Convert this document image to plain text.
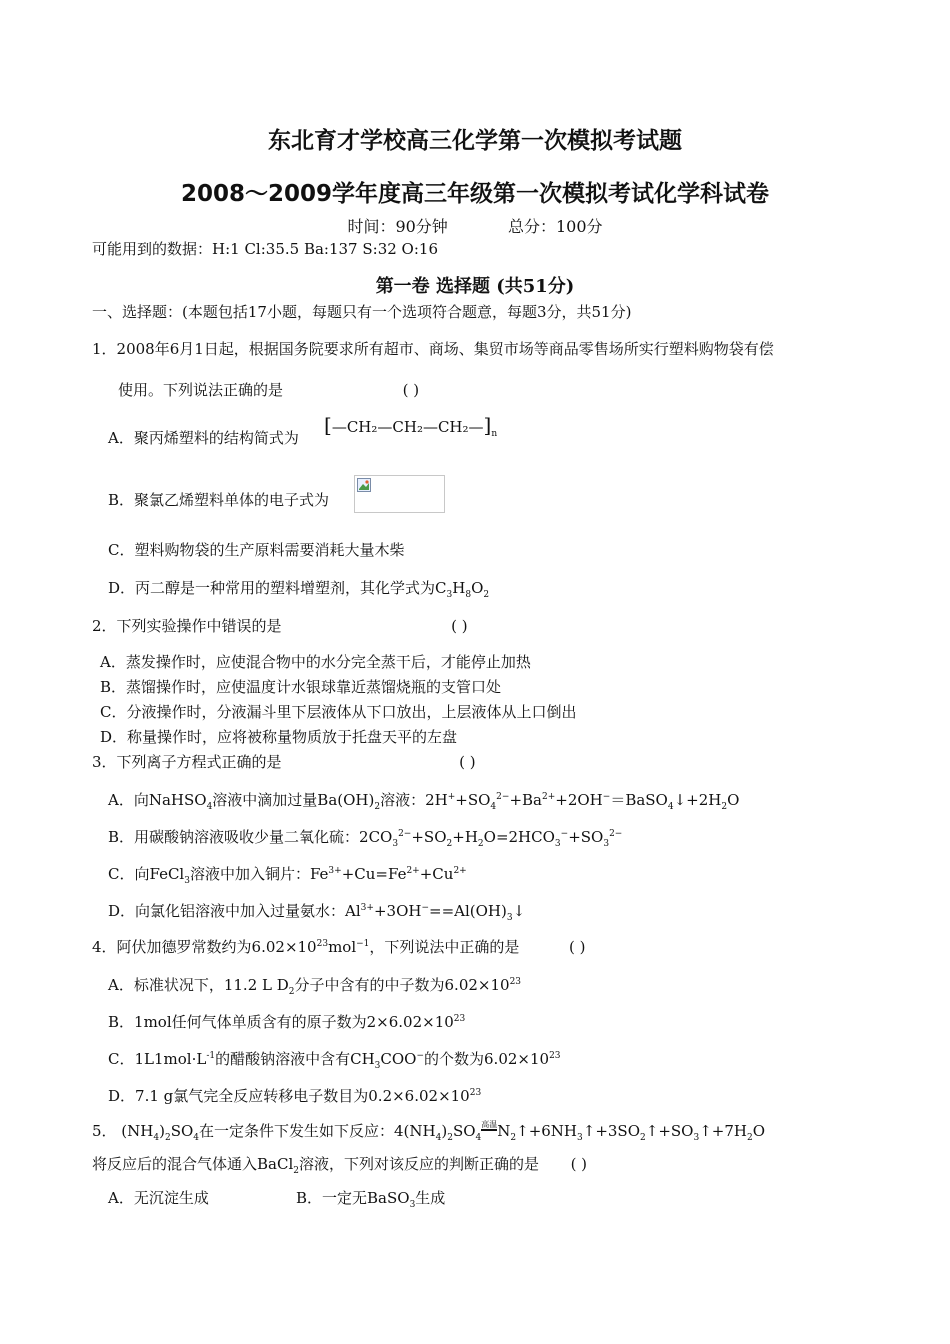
东北育才学校高三化学第一次模拟考试题
2008～2009学年度高三年级第一次模拟考试化学科试卷
时间：90分钟	总分：100分
可能用到的数据：H:1 Cl:35.5 Ba:137 S:32 O:16
第一卷 选择题 (共51分)
一、选择题：(本题包括17小题，每题只有一个选项符合题意，每题3分，共51分)
1．2008年6月1日起，根据国务院要求所有超市、商场、集贸市场等商品零售场所实行塑料购物袋有偿
使用。下列说法正确的是	( )
A．聚丙烯塑料的结构简式为
$[—CH_2—CH_2—CH_2—]_n$
B．聚氯乙烯塑料单体的电子式为
C．塑料购物袋的生产原料需要消耗大量木柴
D．丙二醇是一种常用的塑料增塑剂，其化学式为$C_3H_8O_2$
2．下列实验操作中错误的是	( )
A．蒸发操作时，应使混合物中的水分完全蒸干后，才能停止加热
B．蒸馏操作时，应使温度计水银球靠近蒸馏烧瓶的支管口处
C．分液操作时，分液漏斗里下层液体从下口放出，上层液体从上口倒出
D．称量操作时，应将被称量物质放于托盘天平的左盘
3．下列离子方程式正确的是	( )
A．向NaHSO$_4$溶液中滴加过量$Ba(OH)_2$溶液：$2H^++SO_4^{2-}+Ba^{2+}+2OH^-=BaSO_4↓+2H_2O$
B．用碳酸钠溶液吸收少量二氧化硫：$2CO_3^{2-}+SO_2+H_2O=2HCO_3^-+SO_3^{2-}$
C．向FeCl$_3$溶液中加入铜片：$Fe^{3+}+Cu=Fe^{2+}+Cu^{2+}$
D．向氯化铝溶液中加入过量氨水：$Al^{3+}+3OH^-==Al(OH)_3↓$
4．阿伏加德罗常数约为$6.02\times 10^{23}mol^{-1}$，下列说法中正确的是	( )
A．标准状况下，11.2 L $D_2$分子中含有的中子数为$6.02\times 10^{23}$
B．1mol任何气体单质含有的原子数为$2\times 6.02\times 10^{23}$
C．$1L1mol\cdot L^{-1}$的醋酸钠溶液中含有$CH_3COO^-$的个数为$6.02\times 10^{23}$
D．7.1 g氯气完全反应转移电子数目为$0.2\times 6.02\times 10^{23}$
5． $(NH_4)_2SO_4$在一定条件下发生如下反应：$4(NH_4)_2SO_4$高温$N_2↑+6NH_3↑+3SO_2↑+SO_3↑+7H_2O$
将反应后的混合气体通入BaCl$_2$溶液，下列对该反应的判断正确的是 ( )
A．无沉淀生成	B．一定无BaSO$_3$生成
